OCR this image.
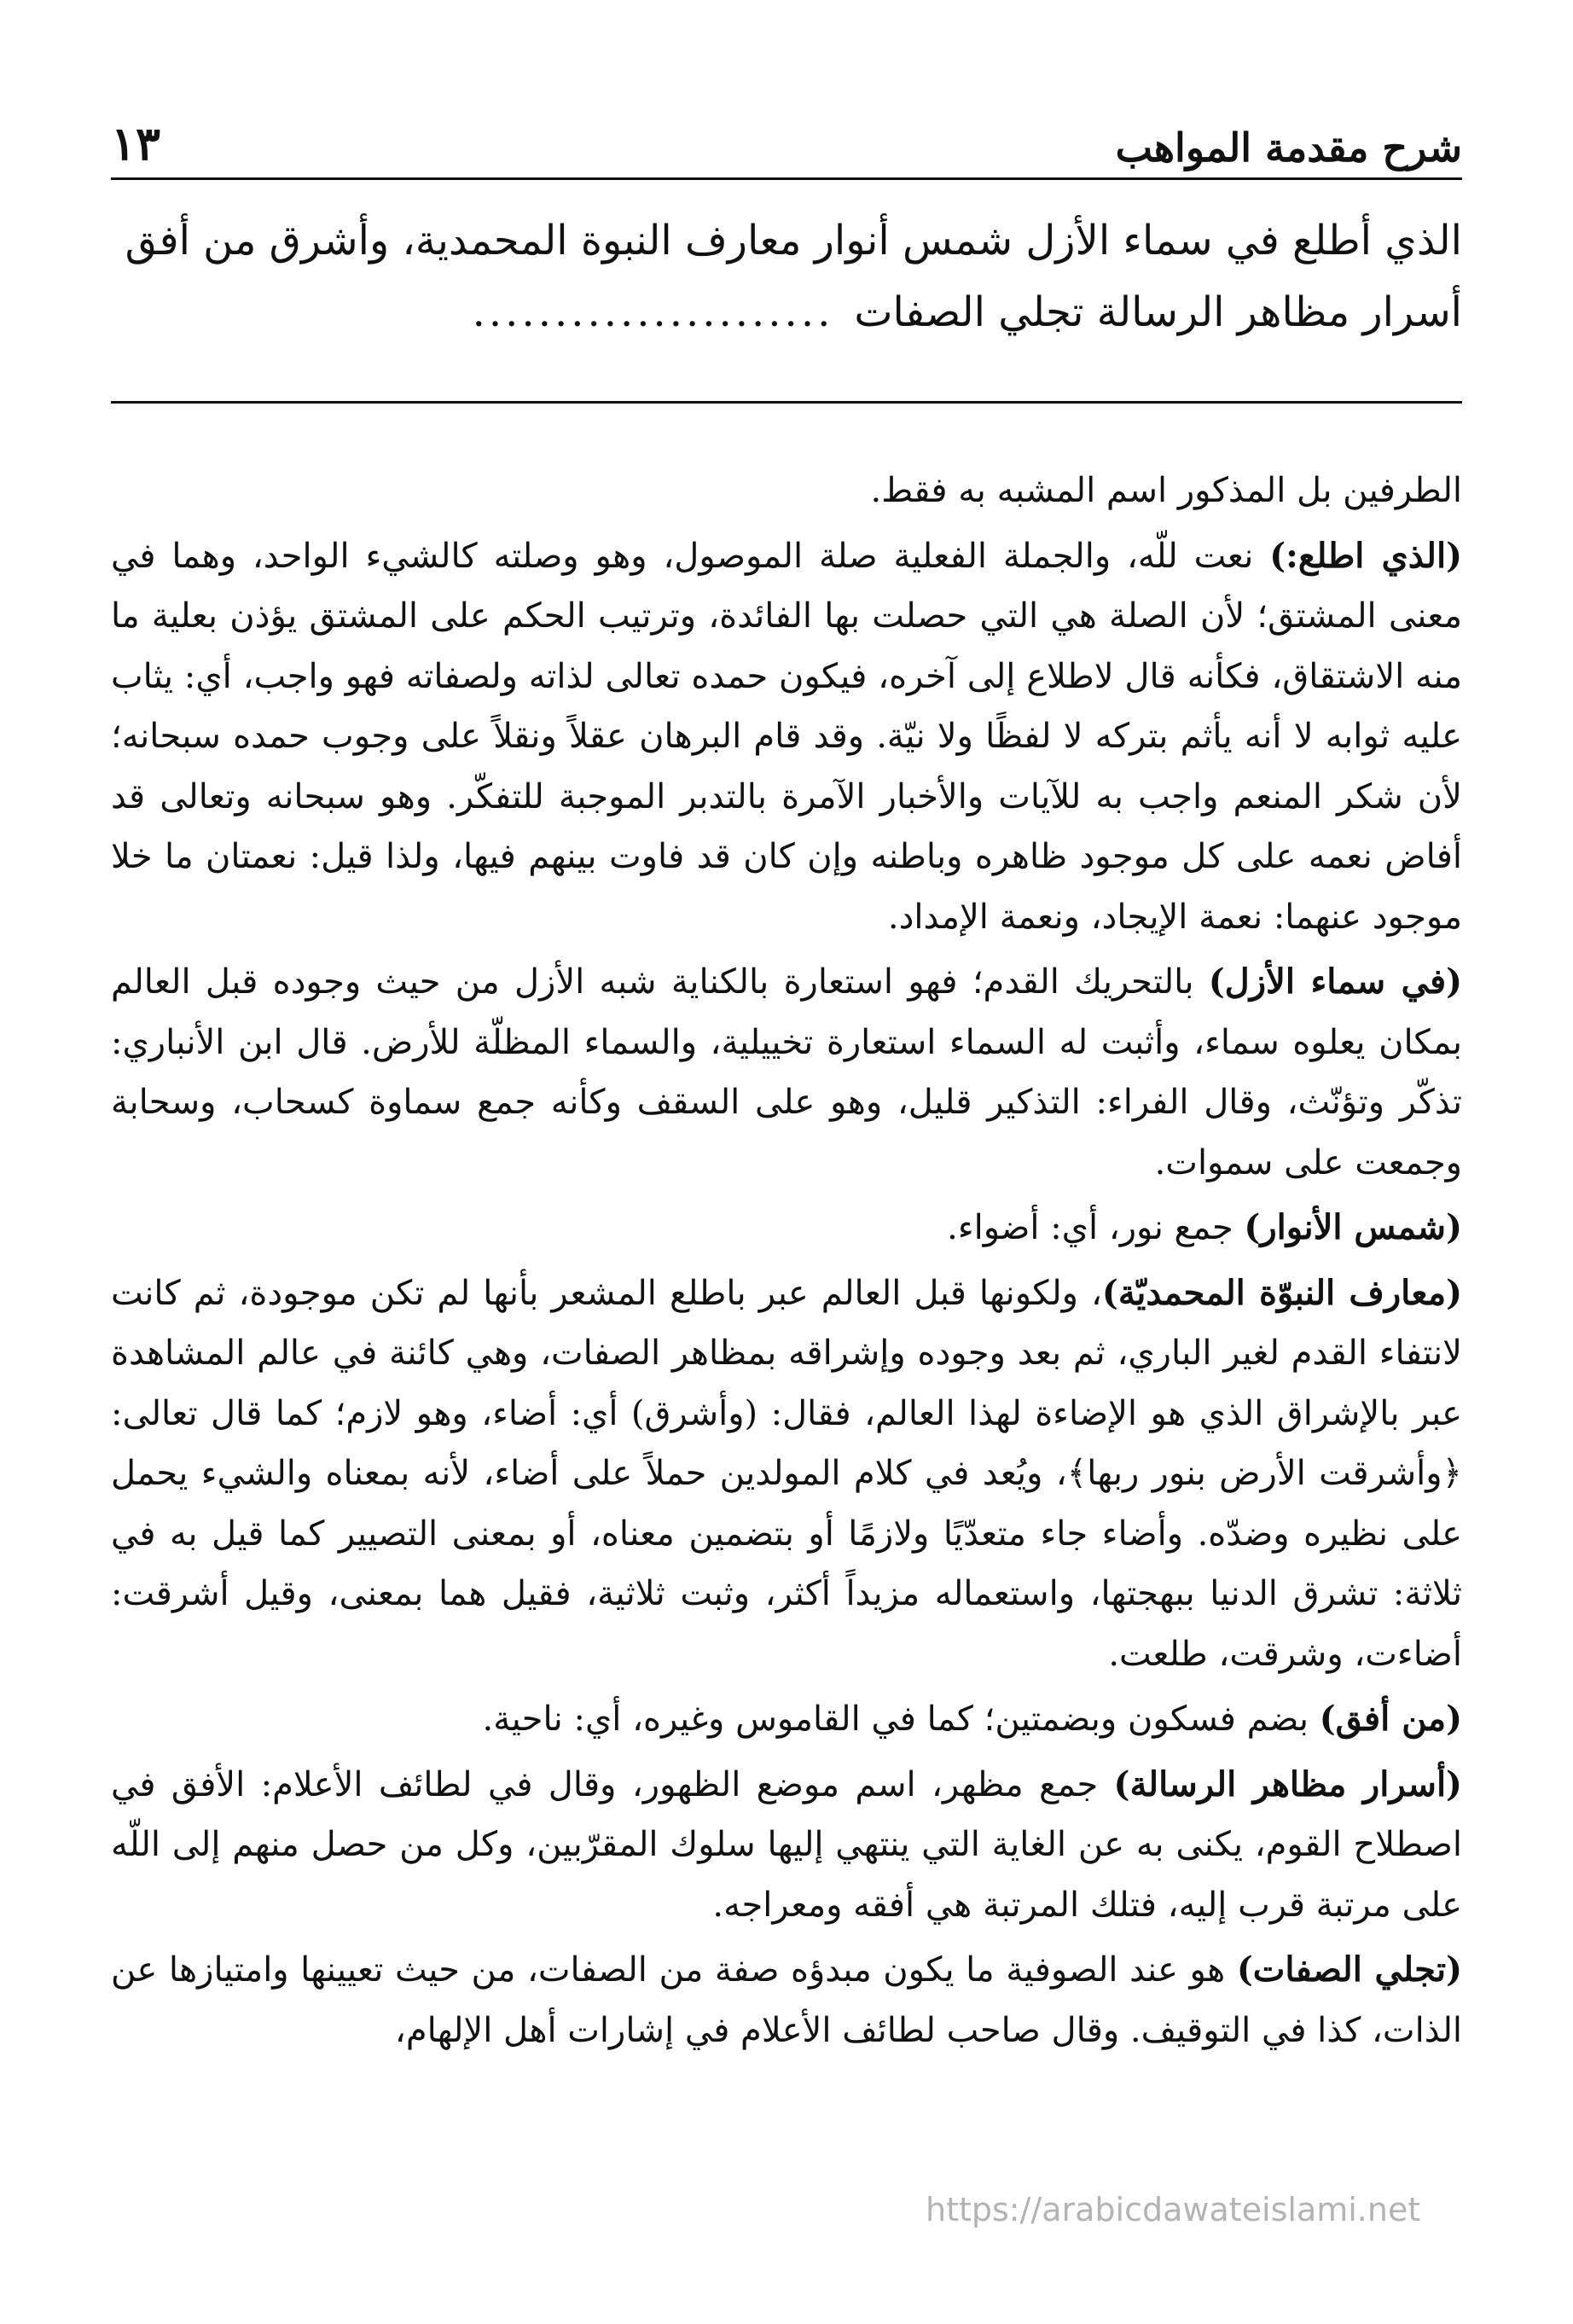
شرح مقدمة المواهب
١٣
الذي أطلع في سماء الأزل شمس أنوار معارف النبوة المحمدية، وأشرق من أفق
أسرار مظاهر الرسالة تجلي الصفات
......................

الطرفين بل المذكور اسم المشبه به فقط.

(الذي اطلع:) نعت للّه، والجملة الفعلية صلة الموصول، وهو وصلته كالشيء الواحد، وهما في معنى المشتق؛ لأن الصلة هي التي حصلت بها الفائدة، وترتيب الحكم على المشتق يؤذن بعلية ما منه الاشتقاق، فكأنه قال لاطلاع إلى آخره، فيكون حمده تعالى لذاته ولصفاته فهو واجب، أي: يثاب عليه ثوابه لا أنه يأثم بتركه لا لفظًا ولا نيّة. وقد قام البرهان عقلاً ونقلاً على وجوب حمده سبحانه؛ لأن شكر المنعم واجب به للآيات والأخبار الآمرة بالتدبر الموجبة للتفكّر. وهو سبحانه وتعالى قد أفاض نعمه على كل موجود ظاهره وباطنه وإن كان قد فاوت بينهم فيها، ولذا قيل: نعمتان ما خلا موجود عنهما: نعمة الإيجاد، ونعمة الإمداد.

(في سماء الأزل) بالتحريك القدم؛ فهو استعارة بالكناية شبه الأزل من حيث وجوده قبل العالم بمكان يعلوه سماء، وأثبت له السماء استعارة تخييلية، والسماء المظلّة للأرض. قال ابن الأنباري: تذكّر وتؤنّث، وقال الفراء: التذكير قليل، وهو على السقف وكأنه جمع سماوة كسحاب، وسحابة وجمعت على سموات.

(شمس الأنوار) جمع نور، أي: أضواء.

(معارف النبوّة المحمديّة)، ولكونها قبل العالم عبر باطلع المشعر بأنها لم تكن موجودة، ثم كانت لانتفاء القدم لغير الباري، ثم بعد وجوده وإشراقه بمظاهر الصفات، وهي كائنة في عالم المشاهدة عبر بالإشراق الذي هو الإضاءة لهذا العالم، فقال: (وأشرق) أي: أضاء، وهو لازم؛ كما قال تعالى: ﴿وأشرقت الأرض بنور ربها﴾، ويُعد في كلام المولدين حملاً على أضاء، لأنه بمعناه والشيء يحمل على نظيره وضدّه. وأضاء جاء متعدّيًا ولازمًا أو بتضمين معناه، أو بمعنى التصيير كما قيل به في ثلاثة: تشرق الدنيا ببهجتها، واستعماله مزيداً أكثر، وثبت ثلاثية، فقيل هما بمعنى، وقيل أشرقت: أضاءت، وشرقت، طلعت.

(من أفق) بضم فسكون وبضمتين؛ كما في القاموس وغيره، أي: ناحية.

(أسرار مظاهر الرسالة) جمع مظهر، اسم موضع الظهور، وقال في لطائف الأعلام: الأفق في اصطلاح القوم، يكنى به عن الغاية التي ينتهي إليها سلوك المقرّبين، وكل من حصل منهم إلى اللّه على مرتبة قرب إليه، فتلك المرتبة هي أفقه ومعراجه.

(تجلي الصفات) هو عند الصوفية ما يكون مبدؤه صفة من الصفات، من حيث تعيينها وامتيازها عن الذات، كذا في التوقيف. وقال صاحب لطائف الأعلام في إشارات أهل الإلهام،

https://arabicdawateislami.net
